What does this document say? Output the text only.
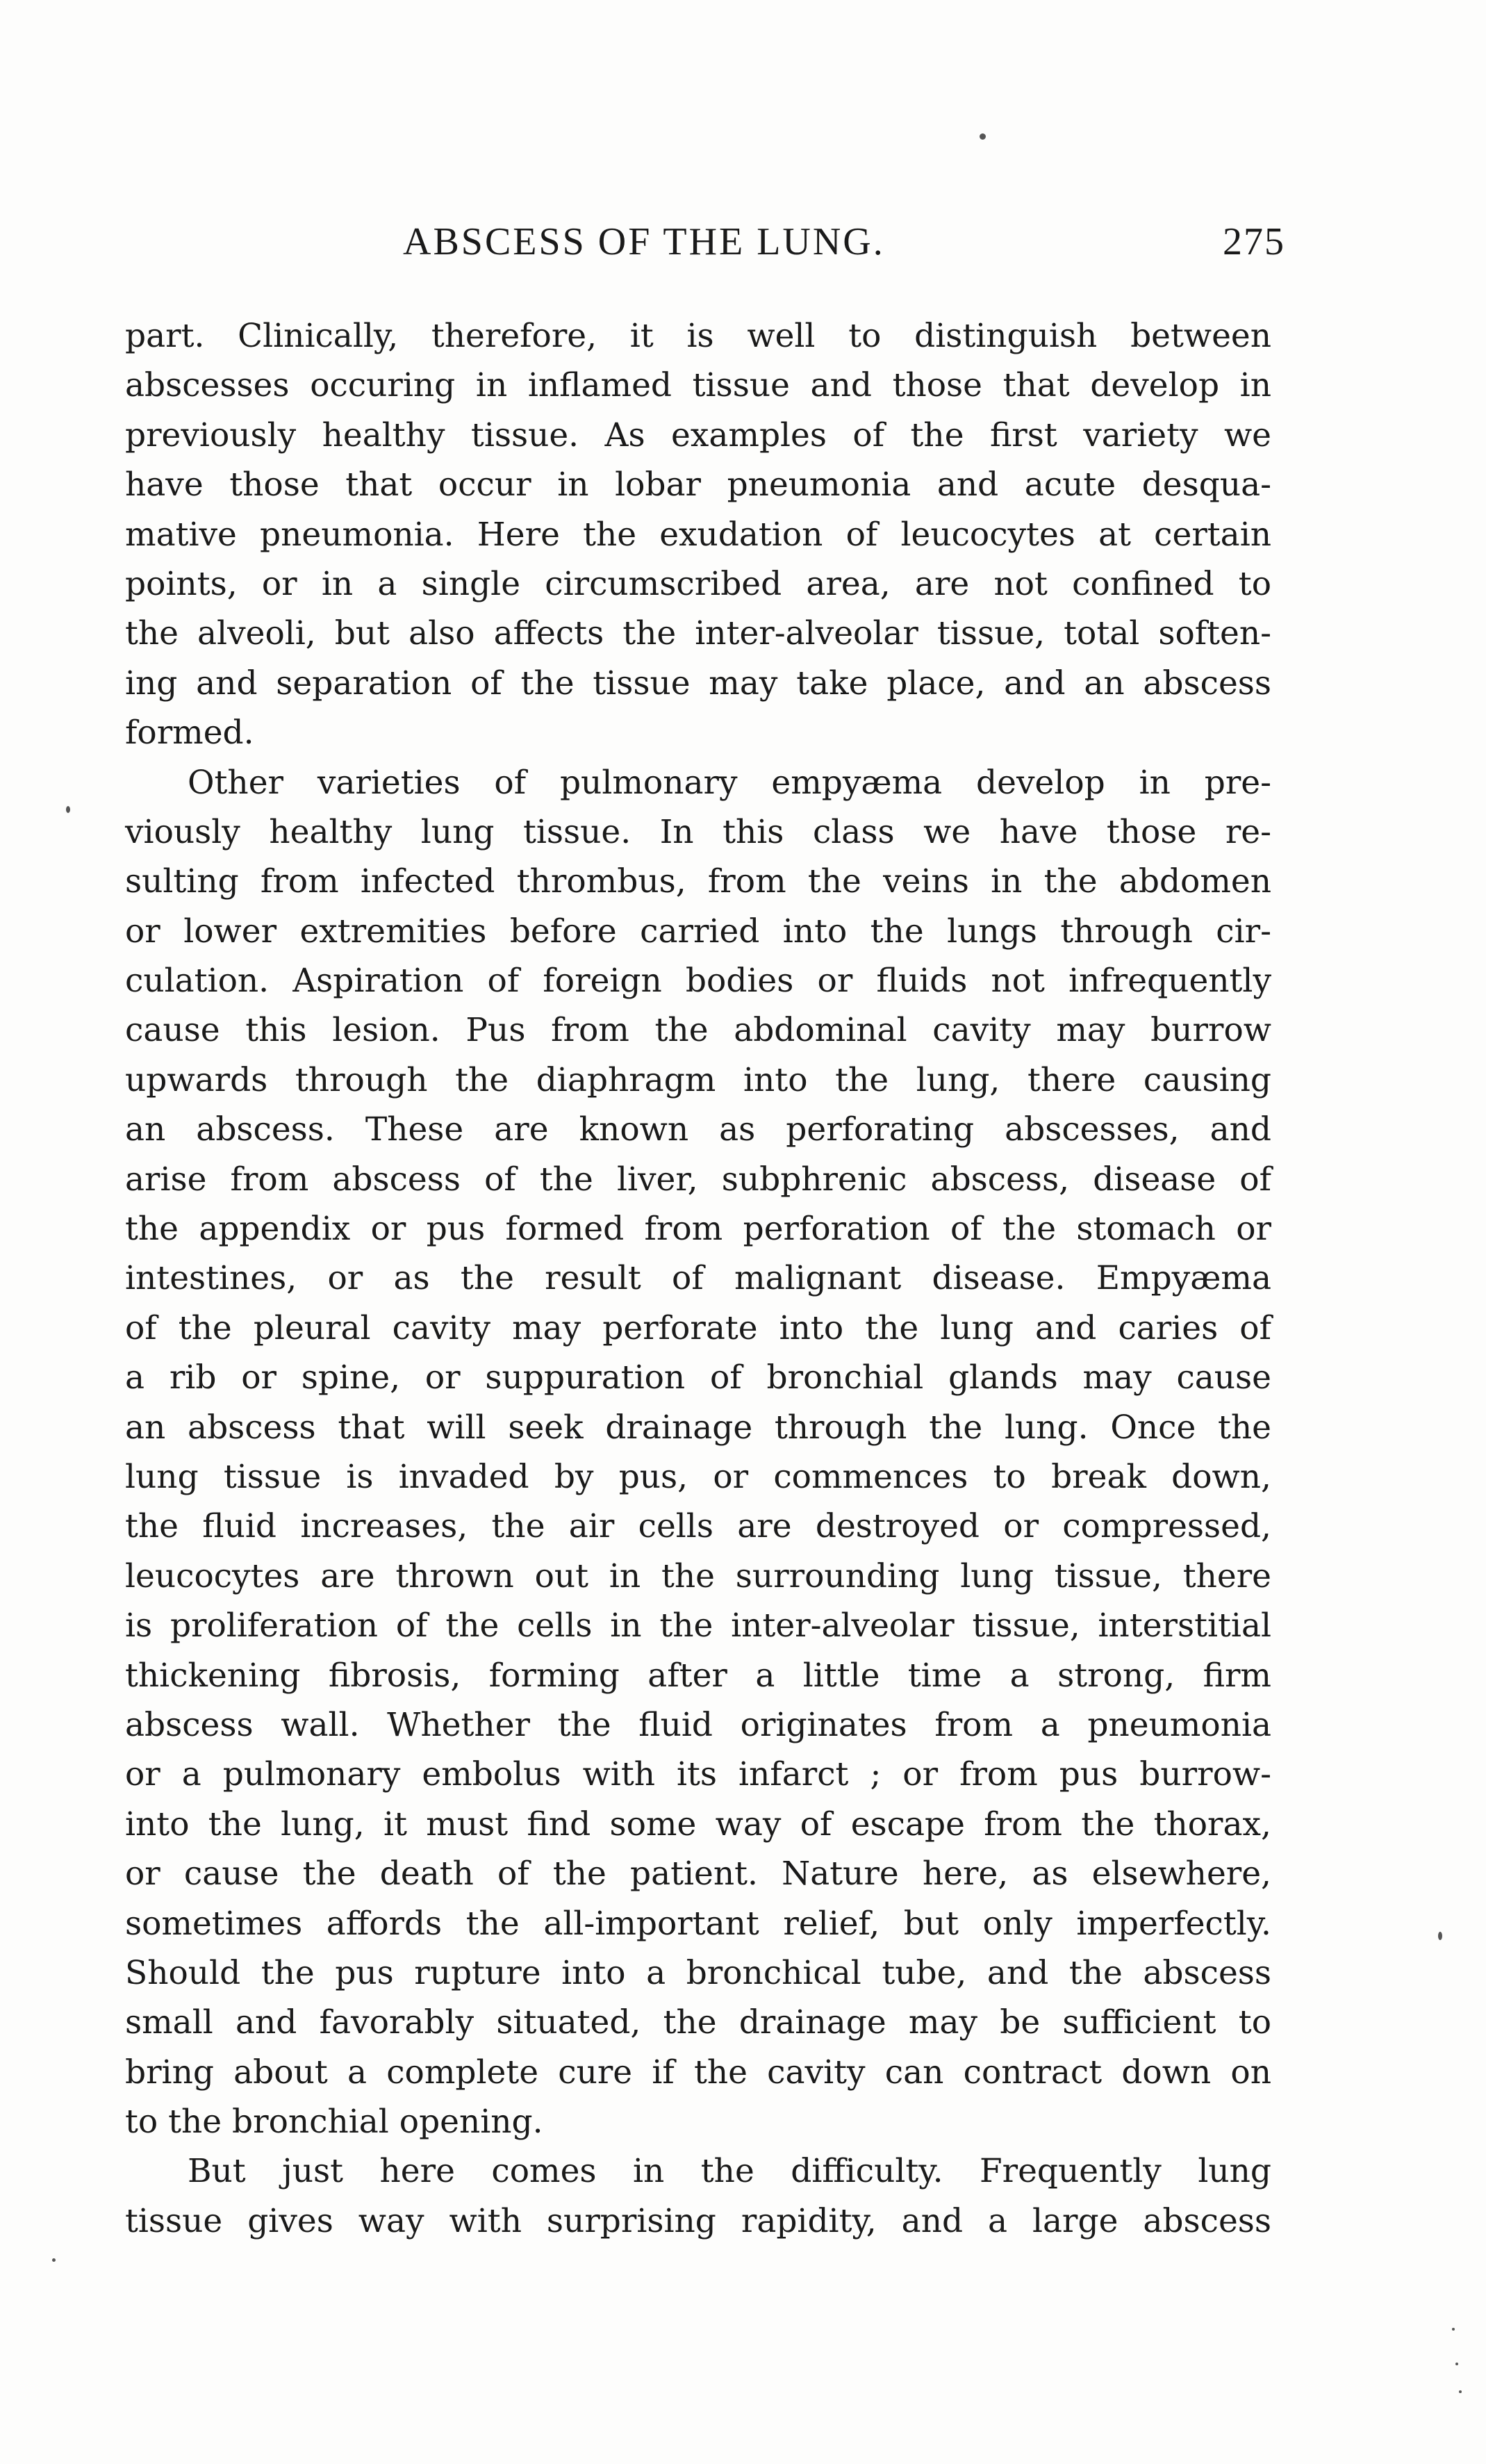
ABSCESS OF THE LUNG.	275
part. Clinically, therefore, it is well to distinguish between
abscesses occuring in inflamed tissue and those that develop in
previously healthy tissue. As examples of the first variety we
have those that occur in lobar pneumonia and acute desqua-
mative pneumonia. Here the exudation of leucocytes at certain
points, or in a single circumscribed area, are not confined to
the alveoli, but also affects the inter-alveolar tissue, total soften-
ing and separation of the tissue may take place, and an abscess
formed.
Other varieties of pulmonary empyæma develop in pre-
viously healthy lung tissue. In this class we have those re-
sulting from infected thrombus, from the veins in the abdomen
or lower extremities before carried into the lungs through cir-
culation. Aspiration of foreign bodies or fluids not infrequently
cause this lesion. Pus from the abdominal cavity may burrow
upwards through the diaphragm into the lung, there causing
an abscess. These are known as perforating abscesses, and
arise from abscess of the liver, subphrenic abscess, disease of
the appendix or pus formed from perforation of the stomach or
intestines, or as the result of malignant disease. Empyæma
of the pleural cavity may perforate into the lung and caries of
a rib or spine, or suppuration of bronchial glands may cause
an abscess that will seek drainage through the lung. Once the
lung tissue is invaded by pus, or commences to break down,
the fluid increases, the air cells are destroyed or compressed,
leucocytes are thrown out in the surrounding lung tissue, there
is proliferation of the cells in the inter-alveolar tissue, interstitial
thickening fibrosis, forming after a little time a strong, firm
abscess wall. Whether the fluid originates from a pneumonia
or a pulmonary embolus with its infarct ; or from pus burrow-
into the lung, it must find some way of escape from the thorax,
or cause the death of the patient. Nature here, as elsewhere,
sometimes affords the all-important relief, but only imperfectly.
Should the pus rupture into a bronchical tube, and the abscess
small and favorably situated, the drainage may be sufficient to
bring about a complete cure if the cavity can contract down on
to the bronchial opening.
But just here comes in the difficulty. Frequently lung
tissue gives way with surprising rapidity, and a large abscess
